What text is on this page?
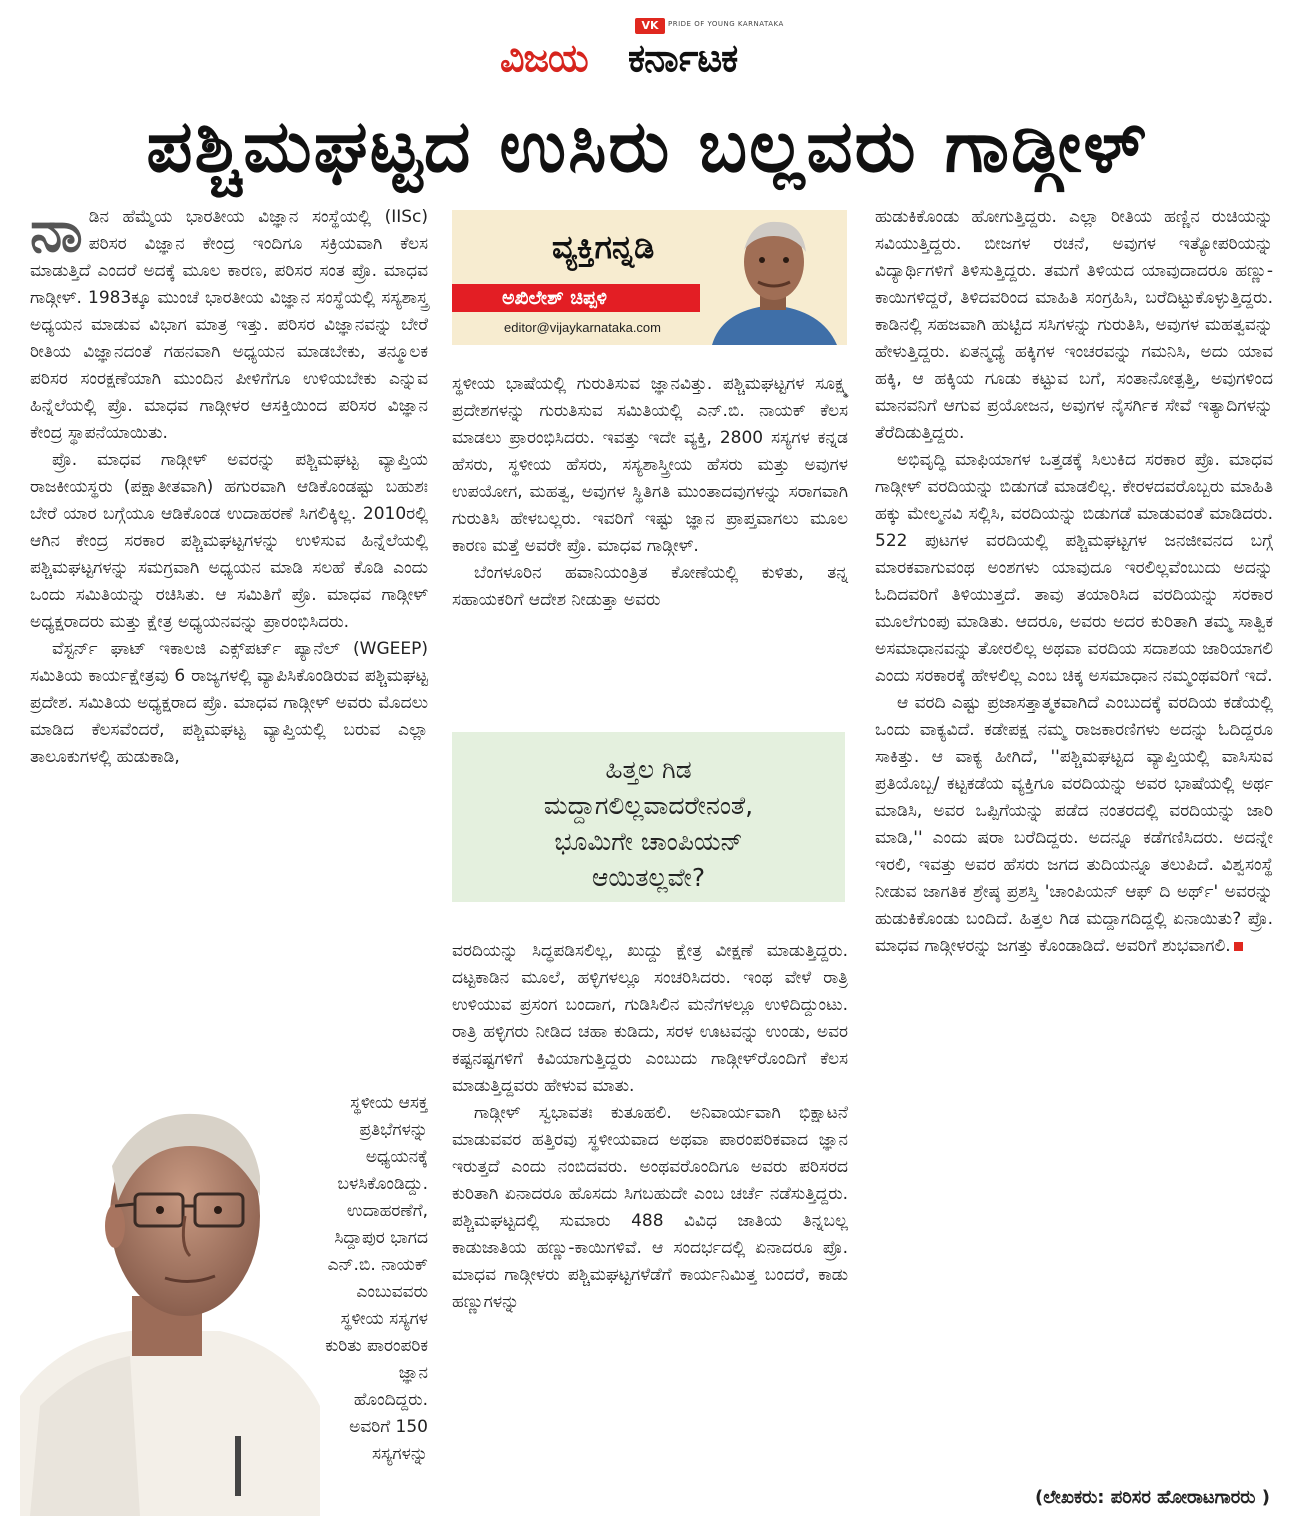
VK	PRIDE OF YOUNG KARNATAKA
ವಿಜಯ ಕರ್ನಾಟಕ
ಪಶ್ಚಿಮಘಟ್ಟದ ಉಸಿರು ಬಲ್ಲವರು ಗಾಡ್ಗೀಳ್

ನಾಡಿನ ಹೆಮ್ಮೆಯ ಭಾರತೀಯ ವಿಜ್ಞಾನ ಸಂಸ್ಥೆಯಲ್ಲಿ (IISc) ಪರಿಸರ ವಿಜ್ಞಾನ ಕೇಂದ್ರ ಇಂದಿಗೂ ಸಕ್ರಿಯವಾಗಿ ಕೆಲಸ ಮಾಡುತ್ತಿದೆ ಎಂದರೆ ಅದಕ್ಕೆ ಮೂಲ ಕಾರಣ, ಪರಿಸರ ಸಂತ ಪ್ರೊ. ಮಾಧವ ಗಾಡ್ಗೀಳ್. 1983ಕ್ಕೂ ಮುಂಚೆ ಭಾರತೀಯ ವಿಜ್ಞಾನ ಸಂಸ್ಥೆಯಲ್ಲಿ ಸಸ್ಯಶಾಸ್ತ್ರ ಅಧ್ಯಯನ ಮಾಡುವ ವಿಭಾಗ ಮಾತ್ರ ಇತ್ತು. ಪರಿಸರ ವಿಜ್ಞಾನವನ್ನು ಬೇರೆ ರೀತಿಯ ವಿಜ್ಞಾನದಂತೆ ಗಹನವಾಗಿ ಅಧ್ಯಯನ ಮಾಡಬೇಕು, ತನ್ಮೂಲಕ ಪರಿಸರ ಸಂರಕ್ಷಣೆಯಾಗಿ ಮುಂದಿನ ಪೀಳಿಗೆಗೂ ಉಳಿಯಬೇಕು ಎನ್ನುವ ಹಿನ್ನೆಲೆಯಲ್ಲಿ ಪ್ರೊ. ಮಾಧವ ಗಾಡ್ಗೀಳರ ಆಸಕ್ತಿಯಿಂದ ಪರಿಸರ ವಿಜ್ಞಾನ ಕೇಂದ್ರ ಸ್ಥಾಪನೆಯಾಯಿತು.

ಪ್ರೊ. ಮಾಧವ ಗಾಡ್ಗೀಳ್ ಅವರನ್ನು ಪಶ್ಚಿಮಘಟ್ಟ ವ್ಯಾಪ್ತಿಯ ರಾಜಕೀಯಸ್ಥರು (ಪಕ್ಷಾತೀತವಾಗಿ) ಹಗುರವಾಗಿ ಆಡಿಕೊಂಡಷ್ಟು ಬಹುಶಃ ಬೇರೆ ಯಾರ ಬಗ್ಗೆಯೂ ಆಡಿಕೊಂಡ ಉದಾಹರಣೆ ಸಿಗಲಿಕ್ಕಿಲ್ಲ. 2010ರಲ್ಲಿ ಆಗಿನ ಕೇಂದ್ರ ಸರಕಾರ ಪಶ್ಚಿಮಘಟ್ಟಗಳನ್ನು ಉಳಿಸುವ ಹಿನ್ನೆಲೆಯಲ್ಲಿ ಪಶ್ಚಿಮಘಟ್ಟಗಳನ್ನು ಸಮಗ್ರವಾಗಿ ಅಧ್ಯಯನ ಮಾಡಿ ಸಲಹೆ ಕೊಡಿ ಎಂದು ಒಂದು ಸಮಿತಿಯನ್ನು ರಚಿಸಿತು. ಆ ಸಮಿತಿಗೆ ಪ್ರೊ. ಮಾಧವ ಗಾಡ್ಗೀಳ್ ಅಧ್ಯಕ್ಷರಾದರು ಮತ್ತು ಕ್ಷೇತ್ರ ಅಧ್ಯಯನವನ್ನು ಪ್ರಾರಂಭಿಸಿದರು.

ವೆಸ್ಟರ್ನ್ ಘಾಟ್ ಇಕಾಲಜಿ ಎಕ್ಸ್‌ಪರ್ಟ್ ಪ್ಯಾನೆಲ್ (WGEEP) ಸಮಿತಿಯ ಕಾರ್ಯಕ್ಷೇತ್ರವು 6 ರಾಜ್ಯಗಳಲ್ಲಿ ವ್ಯಾಪಿಸಿಕೊಂಡಿರುವ ಪಶ್ಚಿಮಘಟ್ಟ ಪ್ರದೇಶ. ಸಮಿತಿಯ ಅಧ್ಯಕ್ಷರಾದ ಪ್ರೊ. ಮಾಧವ ಗಾಡ್ಗೀಳ್ ಅವರು ಮೊದಲು ಮಾಡಿದ ಕೆಲಸವೆಂದರೆ, ಪಶ್ಚಿಮಘಟ್ಟ ವ್ಯಾಪ್ತಿಯಲ್ಲಿ ಬರುವ ಎಲ್ಲಾ ತಾಲೂಕುಗಳಲ್ಲಿ ಹುಡುಕಾಡಿ,

ಸ್ಥಳೀಯ ಆಸಕ್ತ ಪ್ರತಿಭೆಗಳನ್ನು ಅಧ್ಯಯನಕ್ಕೆ ಬಳಸಿಕೊಂಡಿದ್ದು. ಉದಾಹರಣೆಗೆ, ಸಿದ್ದಾಪುರ ಭಾಗದ ಎನ್.ಬಿ. ನಾಯಕ್ ಎಂಬುವವರು ಸ್ಥಳೀಯ ಸಸ್ಯಗಳ ಕುರಿತು ಪಾರಂಪರಿಕ ಜ್ಞಾನ ಹೊಂದಿದ್ದರು. ಅವರಿಗೆ 150 ಸಸ್ಯಗಳನ್ನು
ವ್ಯಕ್ತಿಗನ್ನಡಿ
ಅಖಿಲೇಶ್ ಚಿಪ್ಪಳಿ
editor@vijaykarnataka.com

ಸ್ಥಳೀಯ ಭಾಷೆಯಲ್ಲಿ ಗುರುತಿಸುವ ಜ್ಞಾನವಿತ್ತು. ಪಶ್ಚಿಮಘಟ್ಟಗಳ ಸೂಕ್ಷ್ಮ ಪ್ರದೇಶಗಳನ್ನು ಗುರುತಿಸುವ ಸಮಿತಿಯಲ್ಲಿ ಎನ್.ಬಿ. ನಾಯಕ್ ಕೆಲಸ ಮಾಡಲು ಪ್ರಾರಂಭಿಸಿದರು. ಇವತ್ತು ಇದೇ ವ್ಯಕ್ತಿ, 2800 ಸಸ್ಯಗಳ ಕನ್ನಡ ಹೆಸರು, ಸ್ಥಳೀಯ ಹೆಸರು, ಸಸ್ಯಶಾಸ್ತ್ರೀಯ ಹೆಸರು ಮತ್ತು ಅವುಗಳ ಉಪಯೋಗ, ಮಹತ್ವ, ಅವುಗಳ ಸ್ಥಿತಿಗತಿ ಮುಂತಾದವುಗಳನ್ನು ಸರಾಗವಾಗಿ ಗುರುತಿಸಿ ಹೇಳಬಲ್ಲರು. ಇವರಿಗೆ ಇಷ್ಟು ಜ್ಞಾನ ಪ್ರಾಪ್ತವಾಗಲು ಮೂಲ ಕಾರಣ ಮತ್ತೆ ಅವರೇ ಪ್ರೊ. ಮಾಧವ ಗಾಡ್ಗೀಳ್.

ಬೆಂಗಳೂರಿನ ಹವಾನಿಯಂತ್ರಿತ ಕೋಣೆಯಲ್ಲಿ ಕುಳಿತು, ತನ್ನ ಸಹಾಯಕರಿಗೆ ಆದೇಶ ನೀಡುತ್ತಾ ಅವರು

ಹಿತ್ತಲ ಗಿಡ
ಮದ್ದಾಗಲಿಲ್ಲವಾದರೇನಂತೆ,
ಭೂಮಿಗೇ ಚಾಂಪಿಯನ್
ಆಯಿತಲ್ಲವೇ?

ವರದಿಯನ್ನು ಸಿದ್ಧಪಡಿಸಲಿಲ್ಲ, ಖುದ್ದು ಕ್ಷೇತ್ರ ವೀಕ್ಷಣೆ ಮಾಡುತ್ತಿದ್ದರು. ದಟ್ಟಕಾಡಿನ ಮೂಲೆ, ಹಳ್ಳಿಗಳಲ್ಲೂ ಸಂಚರಿಸಿದರು. ಇಂಥ ವೇಳೆ ರಾತ್ರಿ ಉಳಿಯುವ ಪ್ರಸಂಗ ಬಂದಾಗ, ಗುಡಿಸಿಲಿನ ಮನೆಗಳಲ್ಲೂ ಉಳಿದಿದ್ದುಂಟು. ರಾತ್ರಿ ಹಳ್ಳಿಗರು ನೀಡಿದ ಚಹಾ ಕುಡಿದು, ಸರಳ ಊಟವನ್ನು ಉಂಡು, ಅವರ ಕಷ್ಟನಷ್ಟಗಳಿಗೆ ಕಿವಿಯಾಗುತ್ತಿದ್ದರು ಎಂಬುದು ಗಾಡ್ಗೀಳ್‌ರೊಂದಿಗೆ ಕೆಲಸ ಮಾಡುತ್ತಿದ್ದವರು ಹೇಳುವ ಮಾತು.

ಗಾಡ್ಗೀಳ್ ಸ್ವಭಾವತಃ ಕುತೂಹಲಿ. ಅನಿವಾರ್ಯವಾಗಿ ಭಿಕ್ಷಾಟನೆ ಮಾಡುವವರ ಹತ್ತಿರವು ಸ್ಥಳೀಯವಾದ ಅಥವಾ ಪಾರಂಪರಿಕವಾದ ಜ್ಞಾನ ಇರುತ್ತದೆ ಎಂದು ನಂಬಿದವರು. ಅಂಥವರೊಂದಿಗೂ ಅವರು ಪರಿಸರದ ಕುರಿತಾಗಿ ಏನಾದರೂ ಹೊಸದು ಸಿಗಬಹುದೇ ಎಂಬ ಚರ್ಚೆ ನಡೆಸುತ್ತಿದ್ದರು. ಪಶ್ಚಿಮಘಟ್ಟದಲ್ಲಿ ಸುಮಾರು 488 ವಿವಿಧ ಜಾತಿಯ ತಿನ್ನಬಲ್ಲ ಕಾಡುಜಾತಿಯ ಹಣ್ಣು-ಕಾಯಿಗಳಿವೆ. ಆ ಸಂದರ್ಭದಲ್ಲಿ ಏನಾದರೂ ಪ್ರೊ. ಮಾಧವ ಗಾಡ್ಗೀಳರು ಪಶ್ಚಿಮಘಟ್ಟಗಳೆಡೆಗೆ ಕಾರ್ಯನಿಮಿತ್ತ ಬಂದರೆ, ಕಾಡು ಹಣ್ಣುಗಳನ್ನು

ಹುಡುಕಿಕೊಂಡು ಹೋಗುತ್ತಿದ್ದರು. ಎಲ್ಲಾ ರೀತಿಯ ಹಣ್ಣಿನ ರುಚಿಯನ್ನು ಸವಿಯುತ್ತಿದ್ದರು. ಬೀಜಗಳ ರಚನೆ, ಅವುಗಳ ಇತ್ಯೋಪರಿಯನ್ನು ವಿದ್ಯಾರ್ಥಿಗಳಿಗೆ ತಿಳಿಸುತ್ತಿದ್ದರು. ತಮಗೆ ತಿಳಿಯದ ಯಾವುದಾದರೂ ಹಣ್ಣು-ಕಾಯಿಗಳಿದ್ದರೆ, ತಿಳಿದವರಿಂದ ಮಾಹಿತಿ ಸಂಗ್ರಹಿಸಿ, ಬರೆದಿಟ್ಟುಕೊಳ್ಳುತ್ತಿದ್ದರು. ಕಾಡಿನಲ್ಲಿ ಸಹಜವಾಗಿ ಹುಟ್ಟಿದ ಸಸಿಗಳನ್ನು ಗುರುತಿಸಿ, ಅವುಗಳ ಮಹತ್ವವನ್ನು ಹೇಳುತ್ತಿದ್ದರು. ಏತನ್ಮಧ್ಯೆ ಹಕ್ಕಿಗಳ ಇಂಚರವನ್ನು ಗಮನಿಸಿ, ಅದು ಯಾವ ಹಕ್ಕಿ, ಆ ಹಕ್ಕಿಯ ಗೂಡು ಕಟ್ಟುವ ಬಗೆ, ಸಂತಾನೋತ್ಪತ್ತಿ, ಅವುಗಳಿಂದ ಮಾನವನಿಗೆ ಆಗುವ ಪ್ರಯೋಜನ, ಅವುಗಳ ನೈಸರ್ಗಿಕ ಸೇವೆ ಇತ್ಯಾದಿಗಳನ್ನು ತೆರೆದಿಡುತ್ತಿದ್ದರು.

ಅಭಿವೃದ್ಧಿ ಮಾಫಿಯಾಗಳ ಒತ್ತಡಕ್ಕೆ ಸಿಲುಕಿದ ಸರಕಾರ ಪ್ರೊ. ಮಾಧವ ಗಾಡ್ಗೀಳ್ ವರದಿಯನ್ನು ಬಿಡುಗಡೆ ಮಾಡಲಿಲ್ಲ. ಕೇರಳದವರೊಬ್ಬರು ಮಾಹಿತಿ ಹಕ್ಕು ಮೇಲ್ಮನವಿ ಸಲ್ಲಿಸಿ, ವರದಿಯನ್ನು ಬಿಡುಗಡೆ ಮಾಡುವಂತೆ ಮಾಡಿದರು. 522 ಪುಟಗಳ ವರದಿಯಲ್ಲಿ ಪಶ್ಚಿಮಘಟ್ಟಗಳ ಜನಜೀವನದ ಬಗ್ಗೆ ಮಾರಕವಾಗುವಂಥ ಅಂಶಗಳು ಯಾವುದೂ ಇರಲಿಲ್ಲವೆಂಬುದು ಅದನ್ನು ಓದಿದವರಿಗೆ ತಿಳಿಯುತ್ತದೆ. ತಾವು ತಯಾರಿಸಿದ ವರದಿಯನ್ನು ಸರಕಾರ ಮೂಲೆಗುಂಪು ಮಾಡಿತು. ಆದರೂ, ಅವರು ಅದರ ಕುರಿತಾಗಿ ತಮ್ಮ ಸಾತ್ವಿಕ ಅಸಮಾಧಾನವನ್ನು ತೋರಲಿಲ್ಲ ಅಥವಾ ವರದಿಯ ಸದಾಶಯ ಜಾರಿಯಾಗಲಿ ಎಂದು ಸರಕಾರಕ್ಕೆ ಹೇಳಲಿಲ್ಲ ಎಂಬ ಚಿಕ್ಕ ಅಸಮಾಧಾನ ನಮ್ಮಂಥವರಿಗೆ ಇದೆ.

ಆ ವರದಿ ಎಷ್ಟು ಪ್ರಜಾಸತ್ತಾತ್ಮಕವಾಗಿದೆ ಎಂಬುದಕ್ಕೆ ವರದಿಯ ಕಡೆಯಲ್ಲಿ ಒಂದು ವಾಕ್ಯವಿದೆ. ಕಡೇಪಕ್ಷ ನಮ್ಮ ರಾಜಕಾರಣಿಗಳು ಅದನ್ನು ಓದಿದ್ದರೂ ಸಾಕಿತ್ತು. ಆ ವಾಕ್ಯ ಹೀಗಿದೆ, ''ಪಶ್ಚಿಮಘಟ್ಟದ ವ್ಯಾಪ್ತಿಯಲ್ಲಿ ವಾಸಿಸುವ ಪ್ರತಿಯೊಬ್ಬ/ ಕಟ್ಟಕಡೆಯ ವ್ಯಕ್ತಿಗೂ ವರದಿಯನ್ನು ಅವರ ಭಾಷೆಯಲ್ಲಿ ಅರ್ಥ ಮಾಡಿಸಿ, ಅವರ ಒಪ್ಪಿಗೆಯನ್ನು ಪಡೆದ ನಂತರದಲ್ಲಿ ವರದಿಯನ್ನು ಜಾರಿ ಮಾಡಿ,'' ಎಂದು ಷರಾ ಬರೆದಿದ್ದರು. ಅದನ್ನೂ ಕಡೆಗಣಿಸಿದರು. ಅದನ್ನೇ ಇರಲಿ, ಇವತ್ತು ಅವರ ಹೆಸರು ಜಗದ ತುದಿಯನ್ನೂ ತಲುಪಿದೆ. ವಿಶ್ವಸಂಸ್ಥೆ ನೀಡುವ ಜಾಗತಿಕ ಶ್ರೇಷ್ಠ ಪ್ರಶಸ್ತಿ 'ಚಾಂಪಿಯನ್ ಆಫ್ ದಿ ಅರ್ಥ್' ಅವರನ್ನು ಹುಡುಕಿಕೊಂಡು ಬಂದಿದೆ. ಹಿತ್ತಲ ಗಿಡ ಮದ್ದಾಗದಿದ್ದಲ್ಲಿ ಏನಾಯಿತು? ಪ್ರೊ. ಮಾಧವ ಗಾಡ್ಗೀಳರನ್ನು ಜಗತ್ತು ಕೊಂಡಾಡಿದೆ. ಅವರಿಗೆ ಶುಭವಾಗಲಿ.

(ಲೇಖಕರು: ಪರಿಸರ ಹೋರಾಟಗಾರರು )
